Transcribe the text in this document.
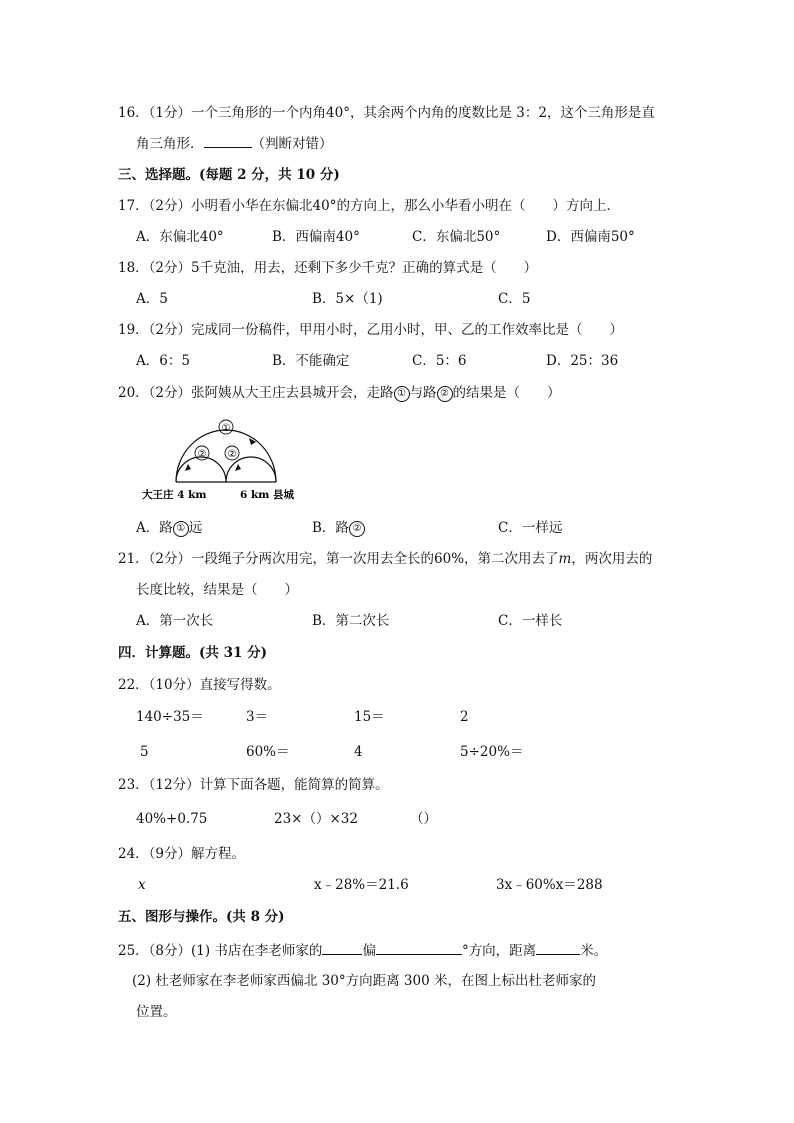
16．（1分）一个三角形的一个内角40°，其余两个内角的度数比是 3：2，这个三角形是直
角三角形．	（判断对错）
三、选择题。(每题 2 分，共 10 分)
17．（2分）小明看小华在东偏北40°的方向上，那么小华看小明在（　　）方向上．
A．东偏北40°	B．西偏南40°	C．东偏北50°	D．西偏南50°
18．（2分）5千克油，用去，还剩下多少千克？正确的算式是（　　）
A．5	B．5×（1)	C．5
19．（2分）完成同一份稿件，甲用小时，乙用小时，甲、乙的工作效率比是（　　）
A．6：5	B．不能确定	C．5：6	D．25：36
20．（2分）张阿姨从大王庄去县城开会，走路 ① 与路 ② 的结果是（　　）
①
② ②
大王庄 4 km	6 km 县城
A．路 ① 远	B．路 ②	C．一样远
21．（2分）一段绳子分两次用完，第一次用去全长的60%，第二次用去了m，两次用去的
长度比较，结果是（　　）
A．第一次长	B．第二次长	C．一样长
四．计算题。(共 31 分)
22．（10分）直接写得数。
140÷35＝	3＝	15＝	2
5	60%＝	4	5÷20%＝
23．（12分）计算下面各题，能简算的简算。
40%+0.75	23×（）×32	（）
24．（9分）解方程。
x	x﹣28%＝21.6	3x﹣60%x＝288
五、图形与操作。(共 8 分)
25．（8分）(1) 书店在李老师家的	偏	°方向，距离	米。
(2) 杜老师家在李老师家西偏北 30°方向距离 300 米，在图上标出杜老师家的
位置。
